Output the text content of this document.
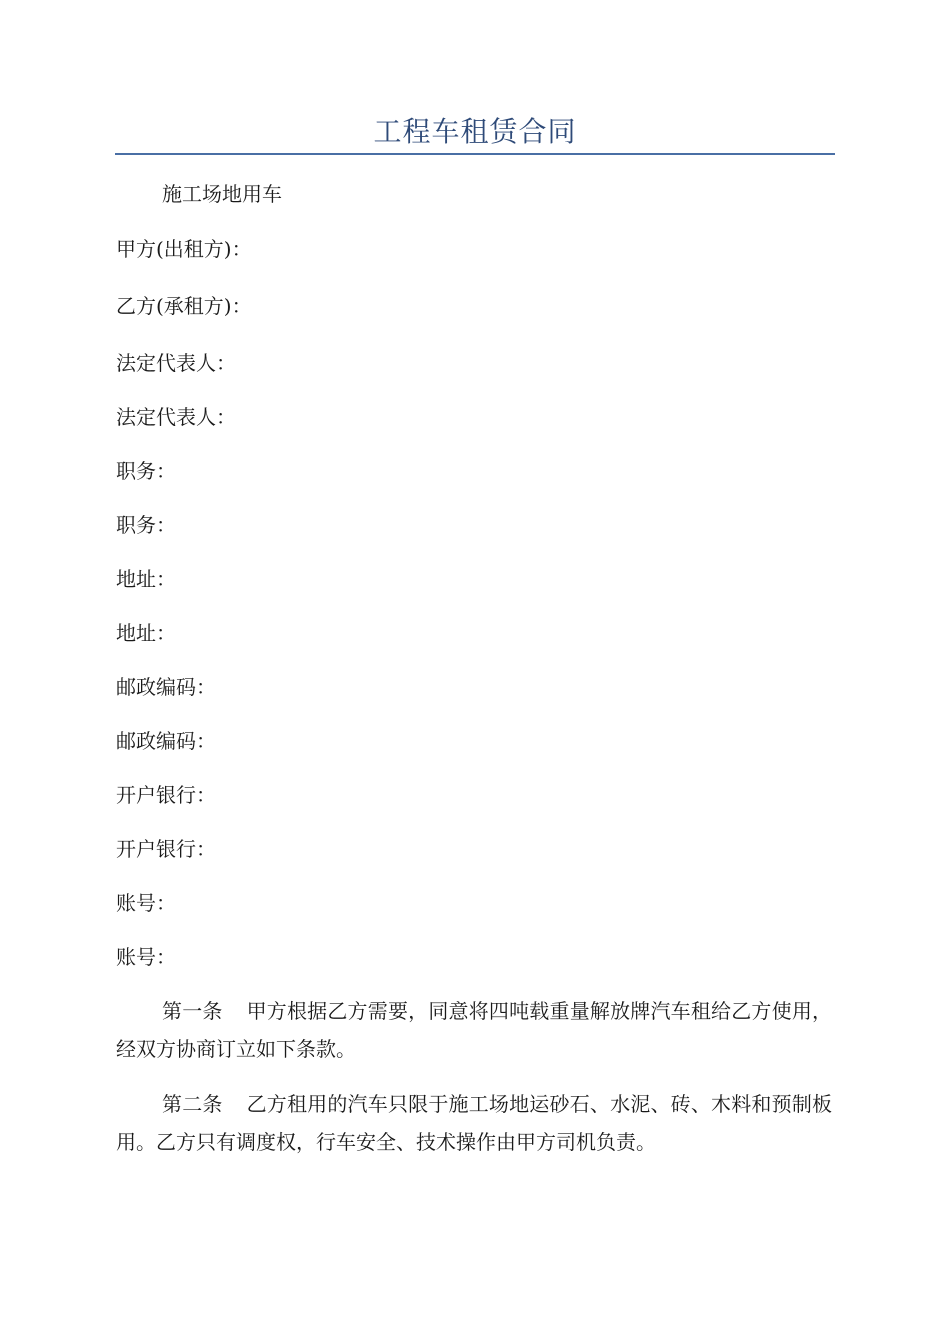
工程车租赁合同
施工场地用车
甲方(出租方)：
乙方(承租方)：
法定代表人：
法定代表人：
职务：
职务：
地址：
地址：
邮政编码：
邮政编码：
开户银行：
开户银行：
账号：
账号：
第一条 甲方根据乙方需要，同意将四吨载重量解放牌汽车租给乙方使用，经双方协商订立如下条款。
第二条 乙方租用的汽车只限于施工场地运砂石、水泥、砖、木料和预制板用。乙方只有调度权，行车安全、技术操作由甲方司机负责。
